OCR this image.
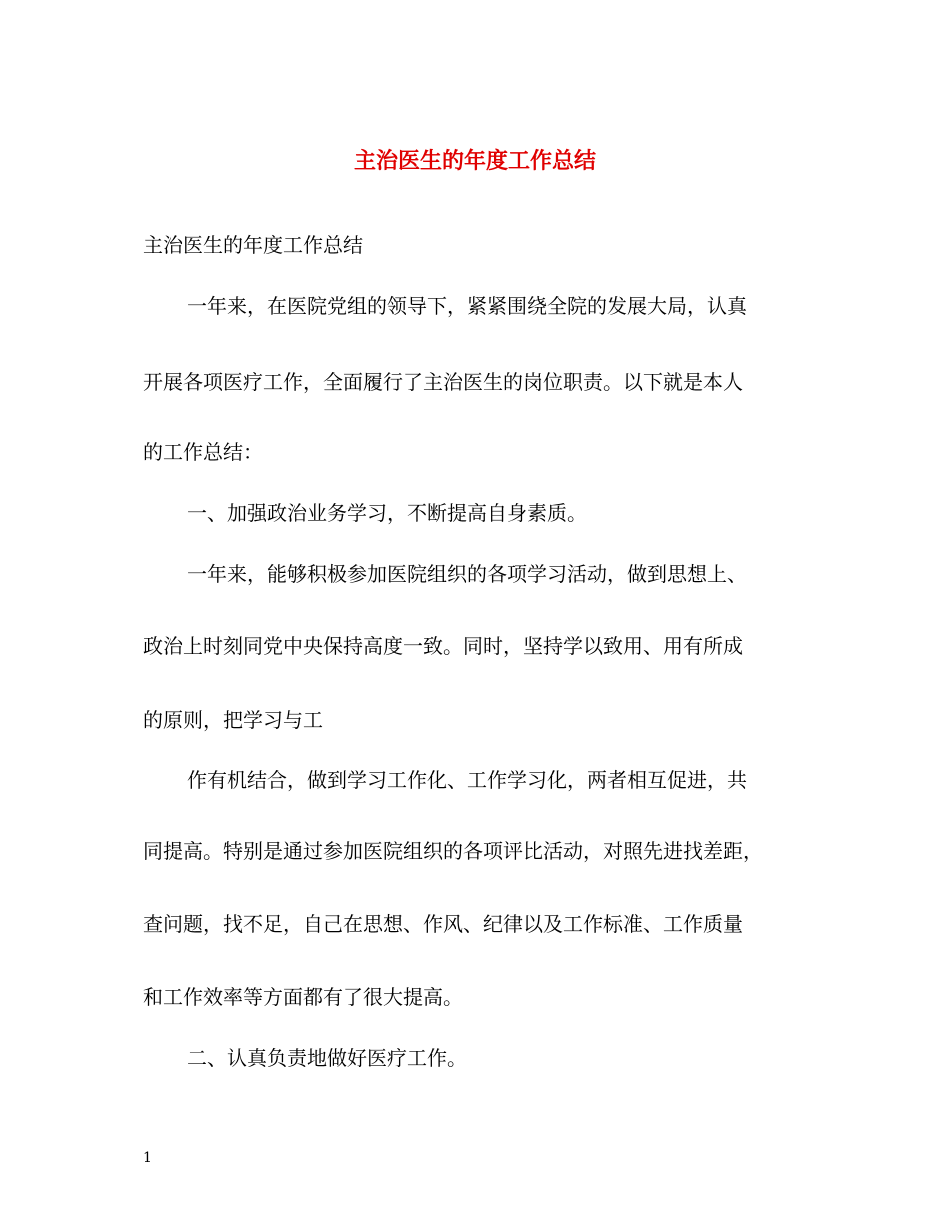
主治医生的年度工作总结
主治医生的年度工作总结
一年来，在医院党组的领导下，紧紧围绕全院的发展大局，认真
开展各项医疗工作，全面履行了主治医生的岗位职责。以下就是本人
的工作总结：
一、加强政治业务学习，不断提高自身素质。
一年来，能够积极参加医院组织的各项学习活动，做到思想上、
政治上时刻同党中央保持高度一致。同时，坚持学以致用、用有所成
的原则，把学习与工
作有机结合，做到学习工作化、工作学习化，两者相互促进，共
同提高。特别是通过参加医院组织的各项评比活动，对照先进找差距，
查问题，找不足，自己在思想、作风、纪律以及工作标准、工作质量
和工作效率等方面都有了很大提高。
二、认真负责地做好医疗工作。
1
